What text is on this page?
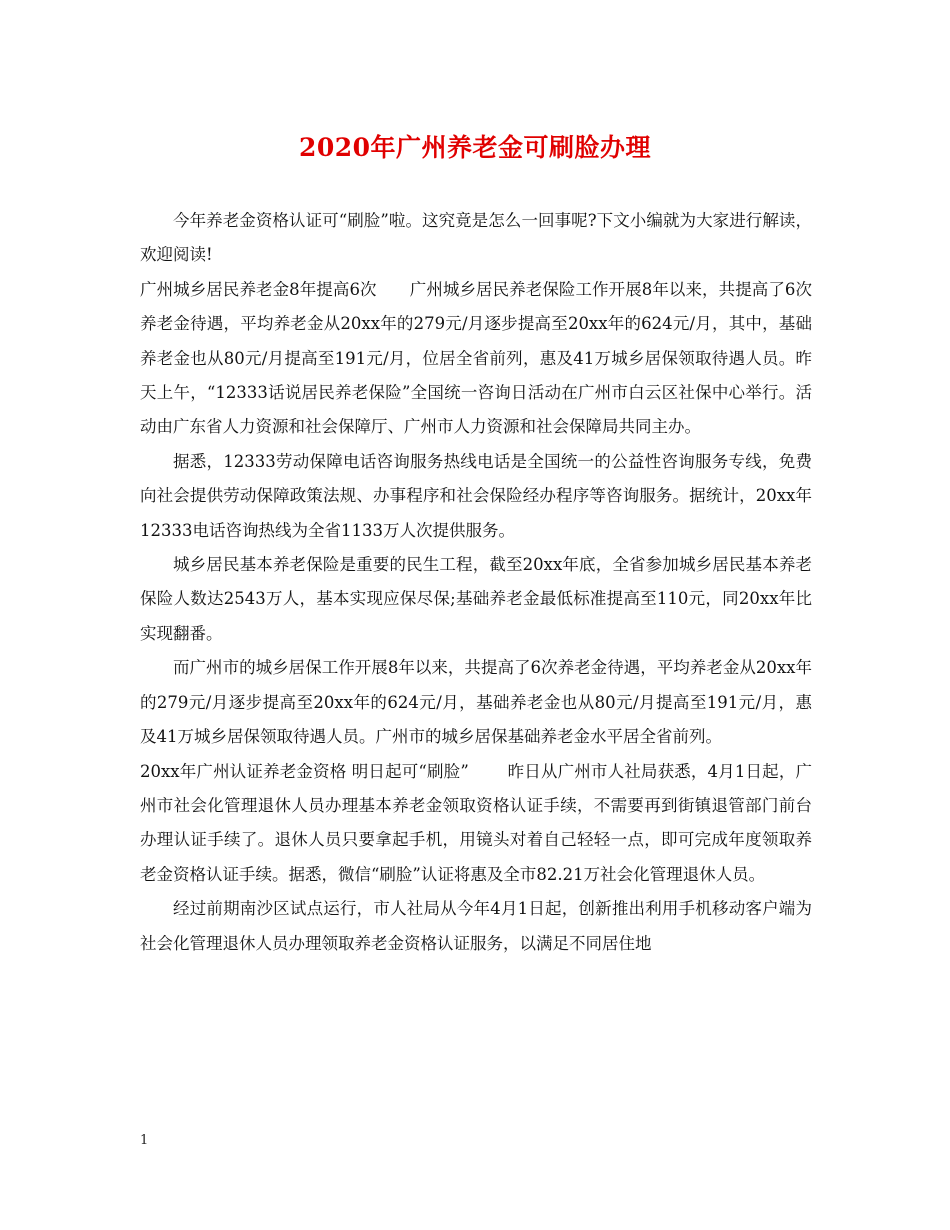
2020年广州养老金可刷脸办理

今年养老金资格认证可“刷脸”啦。这究竟是怎么一回事呢?下文小编就为大家进行解读，欢迎阅读!

广州城乡居民养老金8年提高6次　　广州城乡居民养老保险工作开展8年以来，共提高了6次养老金待遇，平均养老金从20xx年的279元/月逐步提高至20xx年的624元/月，其中，基础养老金也从80元/月提高至191元/月，位居全省前列，惠及41万城乡居保领取待遇人员。昨天上午，“12333话说居民养老保险”全国统一咨询日活动在广州市白云区社保中心举行。活动由广东省人力资源和社会保障厅、广州市人力资源和社会保障局共同主办。

据悉，12333劳动保障电话咨询服务热线电话是全国统一的公益性咨询服务专线，免费向社会提供劳动保障政策法规、办事程序和社会保险经办程序等咨询服务。据统计，20xx年12333电话咨询热线为全省1133万人次提供服务。

城乡居民基本养老保险是重要的民生工程，截至20xx年底，全省参加城乡居民基本养老保险人数达2543万人，基本实现应保尽保;基础养老金最低标准提高至110元，同20xx年比实现翻番。

而广州市的城乡居保工作开展8年以来，共提高了6次养老金待遇，平均养老金从20xx年的279元/月逐步提高至20xx年的624元/月，基础养老金也从80元/月提高至191元/月，惠及41万城乡居保领取待遇人员。广州市的城乡居保基础养老金水平居全省前列。

20xx年广州认证养老金资格 明日起可“刷脸”　　 昨日从广州市人社局获悉，4月1日起，广州市社会化管理退休人员办理基本养老金领取资格认证手续，不需要再到街镇退管部门前台办理认证手续了。退休人员只要拿起手机，用镜头对着自己轻轻一点，即可完成年度领取养老金资格认证手续。据悉，微信“刷脸”认证将惠及全市82.21万社会化管理退休人员。

经过前期南沙区试点运行，市人社局从今年4月1日起，创新推出利用手机移动客户端为社会化管理退休人员办理领取养老金资格认证服务，以满足不同居住地

1
